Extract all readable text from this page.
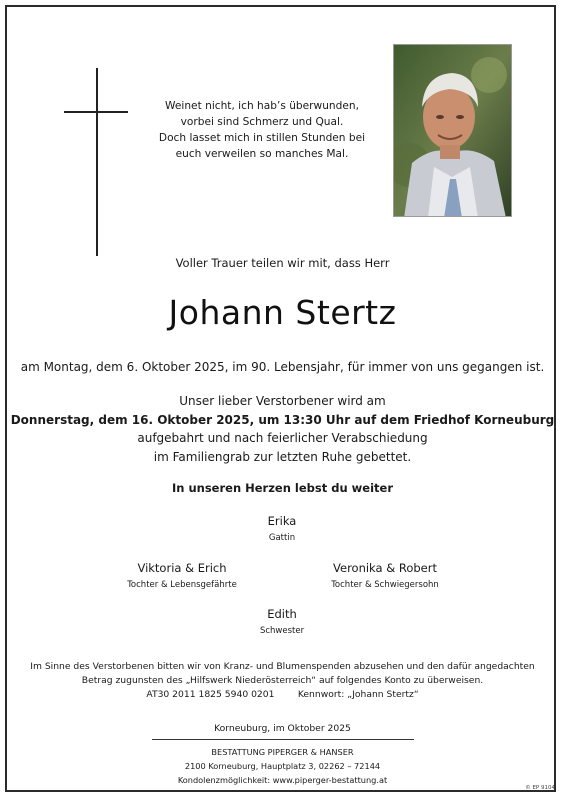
Weinet nicht, ich hab’s überwunden,
vorbei sind Schmerz und Qual.
Doch lasset mich in stillen Stunden bei
euch verweilen so manches Mal.
Voller Trauer teilen wir mit, dass Herr
Johann Stertz
am Montag, dem 6. Oktober 2025, im 90. Lebensjahr, für immer von uns gegangen ist.
Unser lieber Verstorbener wird am
Donnerstag, dem 16. Oktober 2025, um 13:30 Uhr auf dem Friedhof Korneuburg
aufgebahrt und nach feierlicher Verabschiedung
im Familiengrab zur letzten Ruhe gebettet.
In unseren Herzen lebst du weiter
Erika
Gattin
Viktoria & Erich
Tochter & Lebensgefährte
Veronika & Robert
Tochter & Schwiegersohn
Edith
Schwester
Im Sinne des Verstorbenen bitten wir von Kranz- und Blumenspenden abzusehen und den dafür angedachten
Betrag zugunsten des „Hilfswerk Niederösterreich“ auf folgendes Konto zu überweisen.
AT30 2011 1825 5940 0201        Kennwort: „Johann Stertz“
Korneuburg, im Oktober 2025
BESTATTUNG PIPERGER & HANSER
2100 Korneuburg, Hauptplatz 3, 02262 – 72144
Kondolenzmöglichkeit: www.piperger-bestattung.at
© EP 9104
